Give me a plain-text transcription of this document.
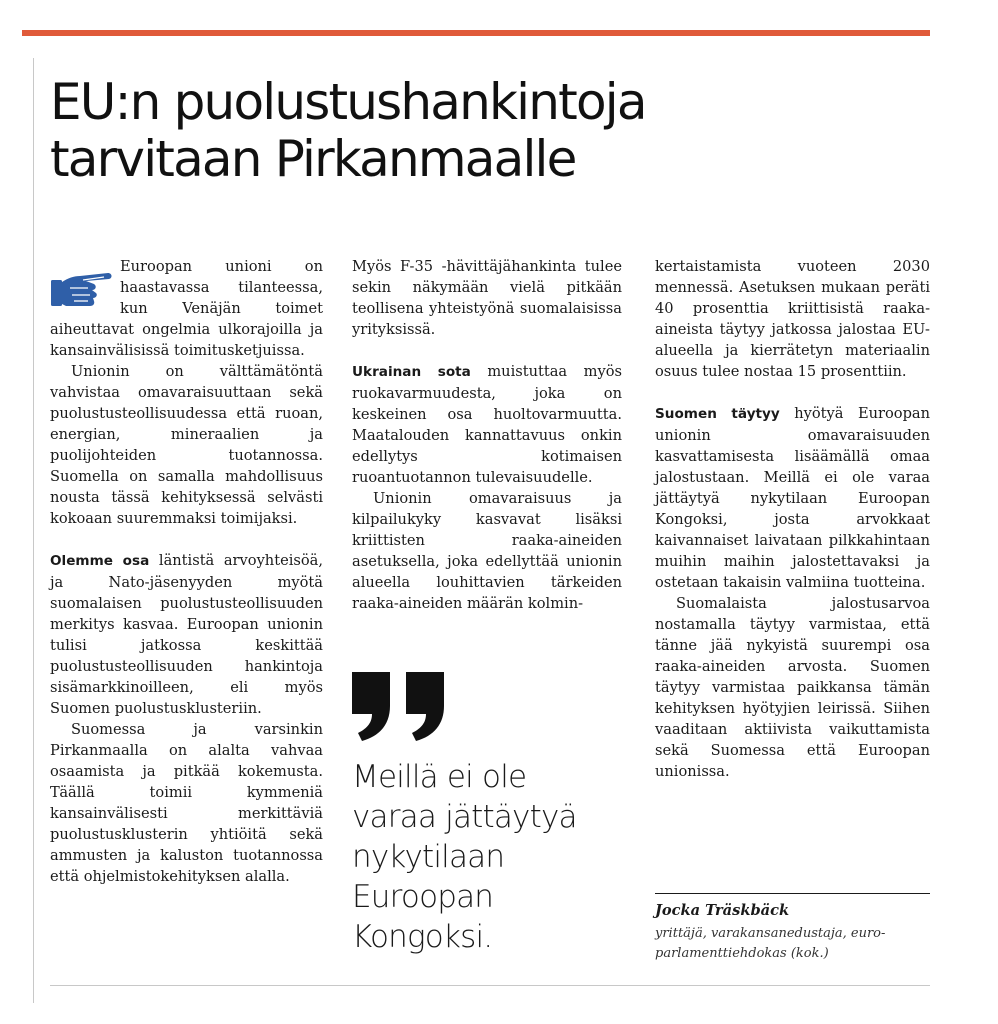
EU:n puolustushankintoja
tarvitaan Pirkanmaalle

Euroopan unioni on haastavassa tilanteessa, kun Venäjän toimet aiheuttavat ongelmia ulkorajoilla ja kansainvälisissä toimitusketjuissa.

Unionin on välttämätöntä vahvistaa omavaraisuuttaan sekä puolustusteollisuudessa että ruoan, energian, mineraalien ja puolijohteiden tuotannossa. Suomella on samalla mahdollisuus nousta tässä kehityksessä selvästi kokoaan suuremmaksi toimijaksi.

Olemme osa läntistä arvoyhteisöä, ja Nato-jäsenyyden myötä suomalaisen puolustusteollisuuden merkitys kasvaa. Euroopan unionin tulisi jatkossa keskittää puolustusteollisuuden hankintoja sisämarkkinoilleen, eli myös Suomen puolustusklusteriin.

Suomessa ja varsinkin Pirkanmaalla on alalta vahvaa osaamista ja pitkää kokemusta. Täällä toimii kymmeniä kansainvälisesti merkittäviä puolustusklusterin yhtiöitä sekä ammusten ja kaluston tuotannossa että ohjelmistokehityksen alalla.

Myös F-35 -hävittäjähankinta tulee sekin näkymään vielä pitkään teollisena yhteistyönä suomalaisissa yrityksissä.

Ukrainan sota muistuttaa myös ruokavarmuudesta, joka on keskeinen osa huoltovarmuutta. Maatalouden kannattavuus onkin edellytys kotimaisen ruoantuotannon tulevaisuudelle.

Unionin omavaraisuus ja kilpailukyky kasvavat lisäksi kriittisten raaka-aineiden asetuksella, joka edellyttää unionin alueella louhittavien tärkeiden raaka-aineiden määrän kolmin-

Meillä ei ole
varaa jättäytyä
nykytilaan
Euroopan
Kongoksi.

kertaistamista vuoteen 2030 mennessä. Asetuksen mukaan peräti 40 prosenttia kriittisistä raaka-aineista täytyy jatkossa jalostaa EU-alueella ja kierrätetyn materiaalin osuus tulee nostaa 15 prosenttiin.

Suomen täytyy hyötyä Euroopan unionin omavaraisuuden kasvattamisesta lisäämällä omaa jalostustaan. Meillä ei ole varaa jättäytyä nykytilaan Euroopan Kongoksi, josta arvokkaat kaivannaiset laivataan pilkkahintaan muihin maihin jalostettavaksi ja ostetaan takaisin valmiina tuotteina.

Suomalaista jalostusarvoa nostamalla täytyy varmistaa, että tänne jää nykyistä suurempi osa raaka-aineiden arvosta. Suomen täytyy varmistaa paikkansa tämän kehityksen hyötyjien leirissä. Siihen vaaditaan aktiivista vaikuttamista sekä Suomessa että Euroopan unionissa.

Jocka Träskbäck
yrittäjä, varakansanedustaja, euro-
parlamenttiehdokas (kok.)
